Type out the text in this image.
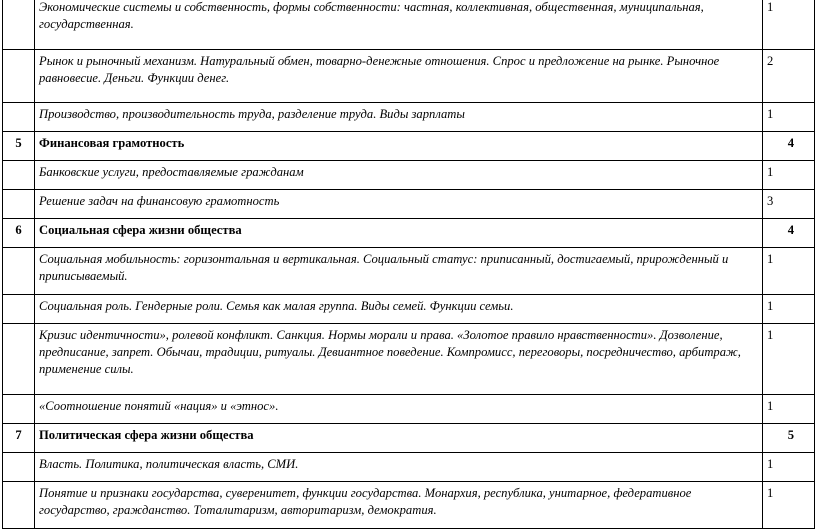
	Экономические системы и собственность, формы собственности: частная, коллективная, общественная, муниципальная, государственная.	1
	Рынок и рыночный механизм. Натуральный обмен, товарно-денежные отношения. Спрос и предложение на рынке. Рыночное равновесие. Деньги. Функции денег.	2
	Производство, производительность труда, разделение труда. Виды зарплаты	1
5	Финансовая грамотность	4
	Банковские услуги, предоставляемые гражданам	1
	Решение задач на финансовую грамотность	3
6	Социальная сфера жизни общества	4
	Социальная мобильность: горизонтальная и вертикальная. Социальный статус: приписанный, достигаемый, прирожденный и приписываемый.	1
	Социальная роль. Гендерные роли. Семья как малая группа. Виды семей. Функции семьи.	1
	Кризис идентичности», ролевой конфликт. Санкция. Нормы морали и права. «Золотое правило нравственности». Дозволение, предписание, запрет. Обычаи, традиции, ритуалы. Девиантное поведение. Компромисс, переговоры, посредничество, арбитраж, применение силы.	1
	«Соотношение понятий «нация» и «этнос».	1
7	Политическая сфера жизни общества	5
	Власть. Политика, политическая власть, СМИ.	1
	Понятие и признаки государства, суверенитет, функции государства. Монархия, республика, унитарное, федеративное государство, гражданство. Тоталитаризм, авторитаризм, демократия.	1
